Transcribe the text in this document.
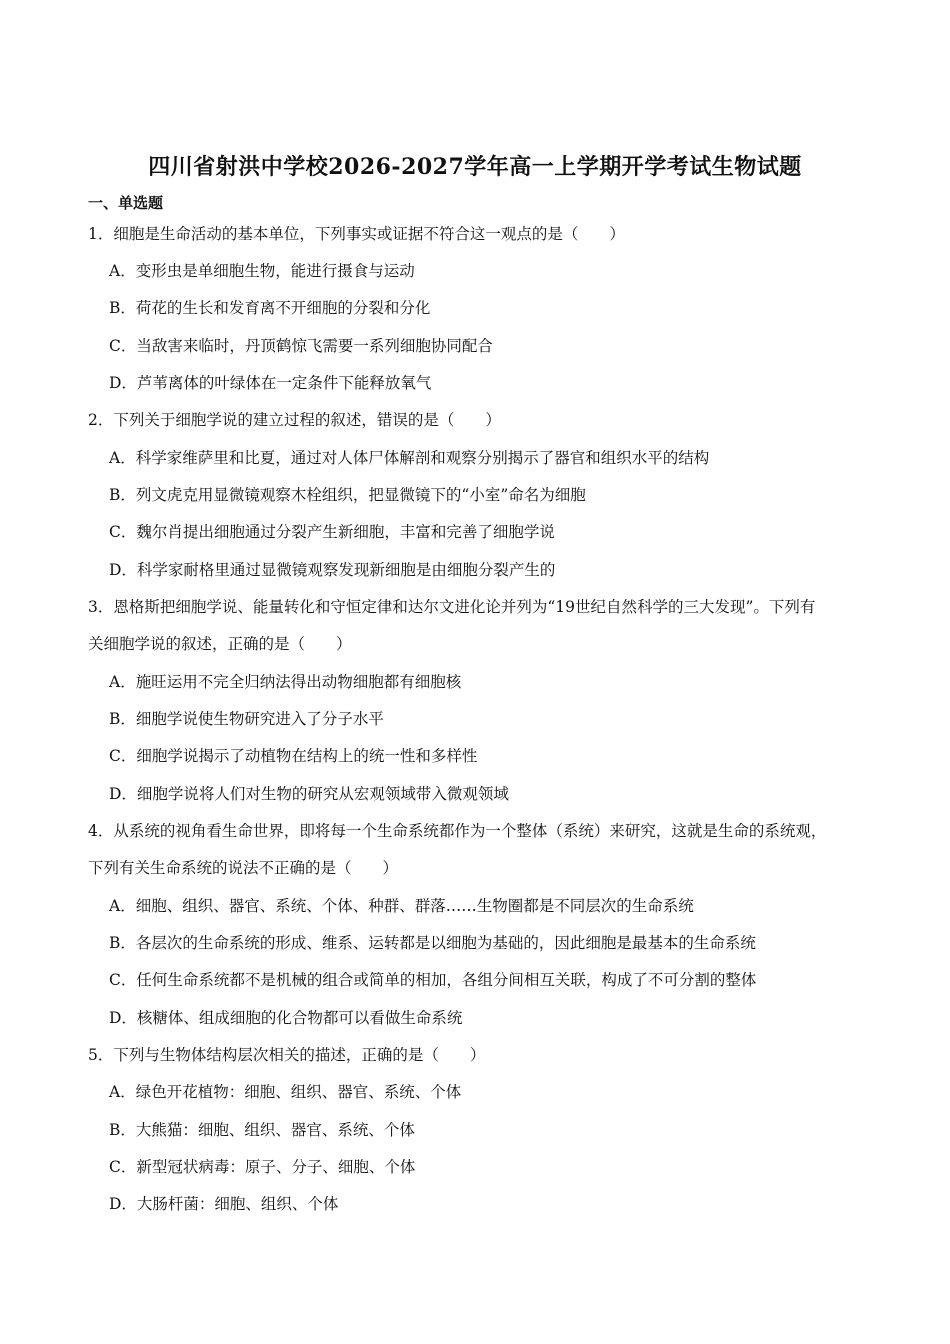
四川省射洪中学校2026-2027学年高一上学期开学考试生物试题
一、单选题
1．细胞是生命活动的基本单位，下列事实或证据不符合这一观点的是（　　）
A．变形虫是单细胞生物，能进行摄食与运动
B．荷花的生长和发育离不开细胞的分裂和分化
C．当敌害来临时，丹顶鹤惊飞需要一系列细胞协同配合
D．芦苇离体的叶绿体在一定条件下能释放氧气
2．下列关于细胞学说的建立过程的叙述，错误的是（　　）
A．科学家维萨里和比夏，通过对人体尸体解剖和观察分别揭示了器官和组织水平的结构
B．列文虎克用显微镜观察木栓组织，把显微镜下的“小室”命名为细胞
C．魏尔肖提出细胞通过分裂产生新细胞，丰富和完善了细胞学说
D．科学家耐格里通过显微镜观察发现新细胞是由细胞分裂产生的
3．恩格斯把细胞学说、能量转化和守恒定律和达尔文进化论并列为“19世纪自然科学的三大发现”。下列有
关细胞学说的叙述，正确的是（　　）
A．施旺运用不完全归纳法得出动物细胞都有细胞核
B．细胞学说使生物研究进入了分子水平
C．细胞学说揭示了动植物在结构上的统一性和多样性
D．细胞学说将人们对生物的研究从宏观领域带入微观领域
4．从系统的视角看生命世界，即将每一个生命系统都作为一个整体（系统）来研究，这就是生命的系统观，
下列有关生命系统的说法不正确的是（　　）
A．细胞、组织、器官、系统、个体、种群、群落……生物圈都是不同层次的生命系统
B．各层次的生命系统的形成、维系、运转都是以细胞为基础的，因此细胞是最基本的生命系统
C．任何生命系统都不是机械的组合或简单的相加，各组分间相互关联，构成了不可分割的整体
D．核糖体、组成细胞的化合物都可以看做生命系统
5．下列与生物体结构层次相关的描述，正确的是（　　）
A．绿色开花植物：细胞、组织、器官、系统、个体
B．大熊猫：细胞、组织、器官、系统、个体
C．新型冠状病毒：原子、分子、细胞、个体
D．大肠杆菌：细胞、组织、个体
